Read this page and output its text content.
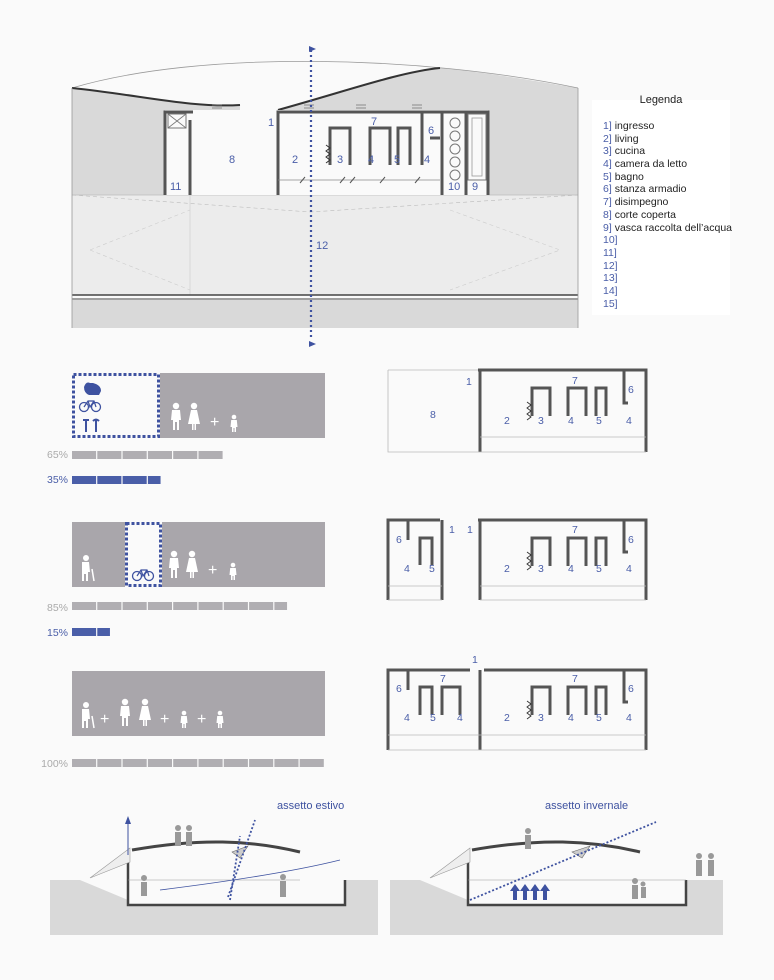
1
2	3 4 5 4
6
7
8
9
10
11
12
Legenda
1] ingresso
2] living
3] cucina
4] camera da letto
5] bagno
6] stanza armadio
7] disimpegno
8] corte coperta
9] vasca raccolta dell’acqua
10]
11]
12]
13]
14]
15]
+
+
+	+ +
65%
35%
85%
15%
100%
1
8	2	3
7
4 5
6
4
1 1
6
4 5	2	3
7
4 5
6
4
1
6
4
7
5 4	2	3
7
4 5
6
4
assetto estivo	assetto invernale
